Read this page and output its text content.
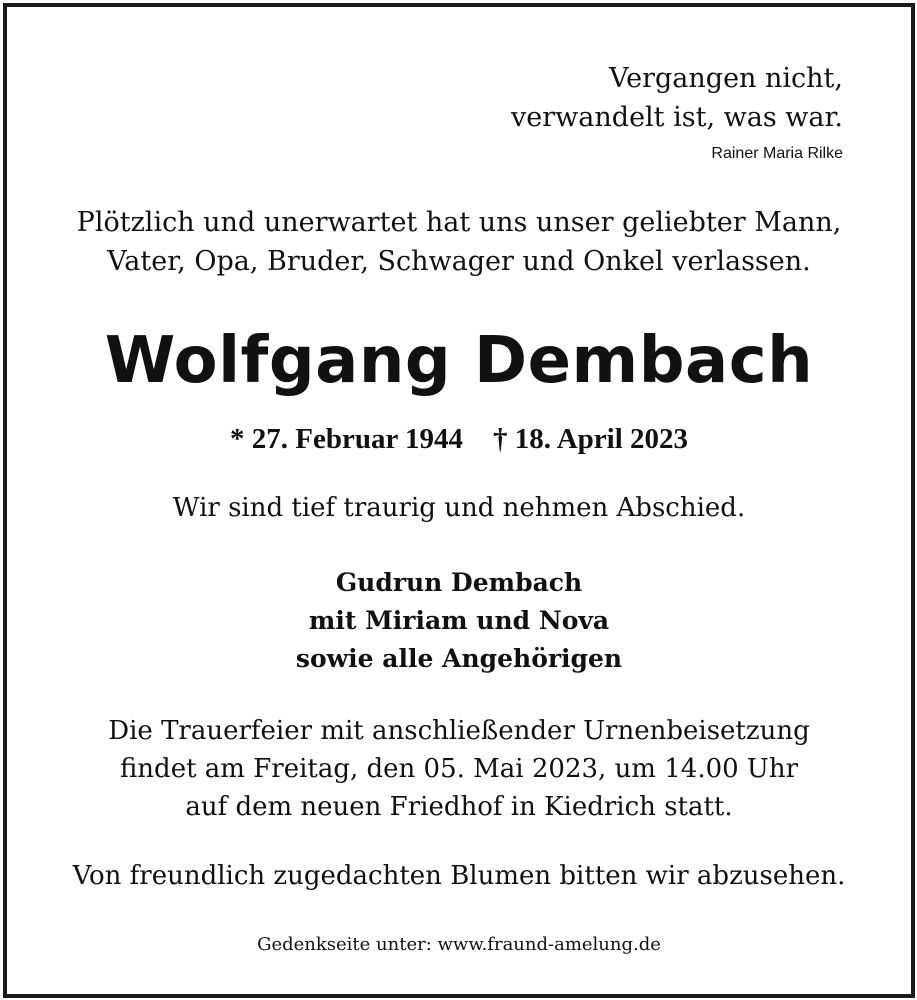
Vergangen nicht,
verwandelt ist, was war.
Rainer Maria Rilke
Plötzlich und unerwartet hat uns unser geliebter Mann,
Vater, Opa, Bruder, Schwager und Onkel verlassen.
Wolfgang Dembach
* 27. Februar 1944 † 18. April 2023
Wir sind tief traurig und nehmen Abschied.
Gudrun Dembach
mit Miriam und Nova
sowie alle Angehörigen
Die Trauerfeier mit anschließender Urnenbeisetzung
findet am Freitag, den 05. Mai 2023, um 14.00 Uhr
auf dem neuen Friedhof in Kiedrich statt.
Von freundlich zugedachten Blumen bitten wir abzusehen.
Gedenkseite unter: www.fraund-amelung.de
